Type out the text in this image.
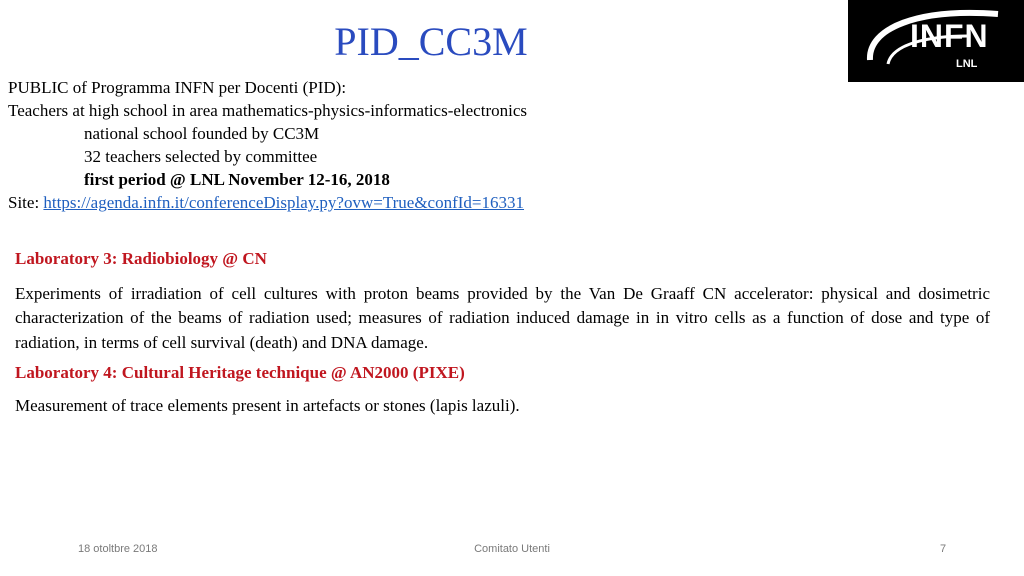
PID_CC3M	INFN
LNL
PUBLIC of Programma INFN per Docenti (PID):
Teachers at high school in area mathematics-physics-informatics-electronics
national school founded by CC3M
32 teachers selected by committee
first period @ LNL November 12-16, 2018
Site: https://agenda.infn.it/conferenceDisplay.py?ovw=True&confId=16331

Laboratory 3: Radiobiology @ CN

Experiments of irradiation of cell cultures with proton beams provided by the Van De Graaff CN accelerator: physical and dosimetric characterization of the beams of radiation used; measures of radiation induced damage in in vitro cells as a function of dose and type of radiation, in terms of cell survival (death) and DNA damage.

Laboratory 4: Cultural Heritage technique @ AN2000 (PIXE)

Measurement of trace elements present in artefacts or stones (lapis lazuli).

18 otoltbre 2018	Comitato Utenti	7
